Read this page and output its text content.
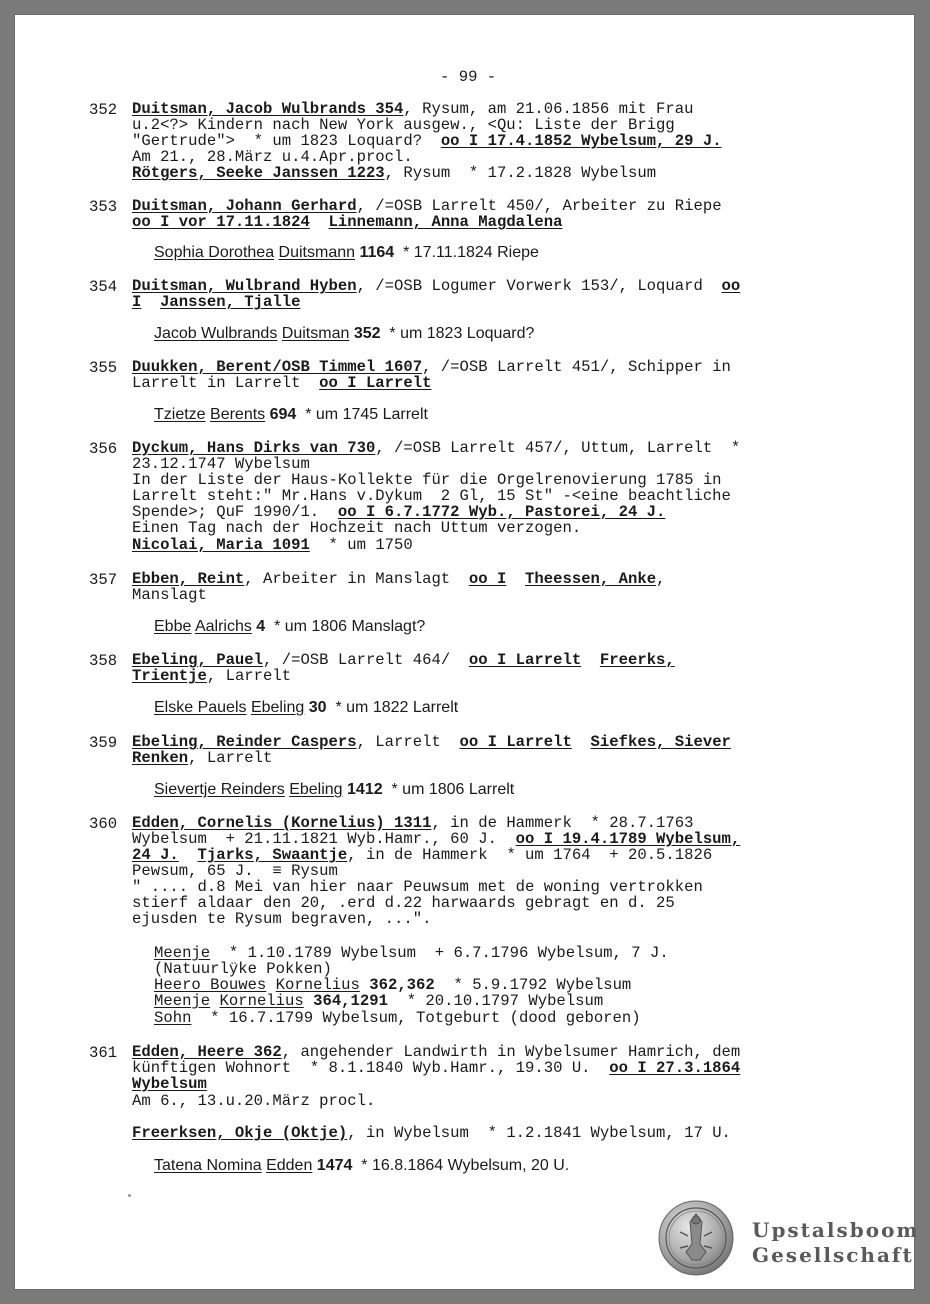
- 99 -
352 Duitsman, Jacob Wulbrands 354, Rysum, am 21.06.1856 mit Frau
u.2<?> Kindern nach New York ausgew., <Qu: Liste der Brigg
"Gertrude">  * um 1823 Loquard?  oo I 17.4.1852 Wybelsum, 29 J.
Am 21., 28.März u.4.Apr.procl.
Rötgers, Seeke Janssen 1223, Rysum  * 17.2.1828 Wybelsum
353 Duitsman, Johann Gerhard, /=OSB Larrelt 450/, Arbeiter zu Riepe
oo I vor 17.11.1824 Linnemann, Anna Magdalena
Sophia Dorothea Duitsmann 1164  * 17.11.1824 Riepe
354 Duitsman, Wulbrand Hyben, /=OSB Logumer Vorwerk 153/, Loquard  oo
I Janssen, Tjalle
Jacob Wulbrands Duitsman 352  * um 1823 Loquard?
355 Duukken, Berent/OSB Timmel 1607, /=OSB Larrelt 451/, Schipper in
Larrelt in Larrelt  oo I Larrelt
Tzietze Berents 694  * um 1745 Larrelt
356 Dyckum, Hans Dirks van 730, /=OSB Larrelt 457/, Uttum, Larrelt  *
23.12.1747 Wybelsum
In der Liste der Haus-Kollekte für die Orgelrenovierung 1785 in
Larrelt steht:" Mr.Hans v.Dykum  2 Gl, 15 St" -<eine beachtliche
Spende>; QuF 1990/1.  oo I 6.7.1772 Wyb., Pastorei, 24 J.
Einen Tag nach der Hochzeit nach Uttum verzogen.
Nicolai, Maria 1091  * um 1750
357 Ebben, Reint, Arbeiter in Manslagt  oo I Theessen, Anke,
Manslagt
Ebbe Aalrichs 4  * um 1806 Manslagt?
358 Ebeling, Pauel, /=OSB Larrelt 464/  oo I Larrelt Freerks,
Trientje, Larrelt
Elske Pauels Ebeling 30  * um 1822 Larrelt
359 Ebeling, Reinder Caspers, Larrelt  oo I Larrelt Siefkes, Siever
Renken, Larrelt
Sievertje Reinders Ebeling 1412  * um 1806 Larrelt
360 Edden, Cornelis (Kornelius) 1311, in de Hammerk  * 28.7.1763
Wybelsum  + 21.11.1821 Wyb.Hamr., 60 J.  oo I 19.4.1789 Wybelsum,
24 J. Tjarks, Swaantje, in de Hammerk  * um 1764  + 20.5.1826
Pewsum, 65 J.  ≡ Rysum
" .... d.8 Mei van hier naar Peuwsum met de woning vertrokken
stierf aldaar den 20, .erd d.22 harwaards gebragt en d. 25
ejusden te Rysum begraven, ...".
Meenje  * 1.10.1789 Wybelsum  + 6.7.1796 Wybelsum, 7 J.
(Natuurlÿke Pokken)
Heero Bouwes Kornelius 362,362  * 5.9.1792 Wybelsum
Meenje Kornelius 364,1291  * 20.10.1797 Wybelsum
Sohn  * 16.7.1799 Wybelsum, Totgeburt (dood geboren)
361 Edden, Heere 362, angehender Landwirth in Wybelsumer Hamrich, dem
künftigen Wohnort  * 8.1.1840 Wyb.Hamr., 19.30 U.  oo I 27.3.1864
Wybelsum
Am 6., 13.u.20.März procl.
Freerksen, Okje (Oktje), in Wybelsum  * 1.2.1841 Wybelsum, 17 U.
Tatena Nomina Edden 1474  * 16.8.1864 Wybelsum, 20 U.
Upstalsboom
Gesellschaft
